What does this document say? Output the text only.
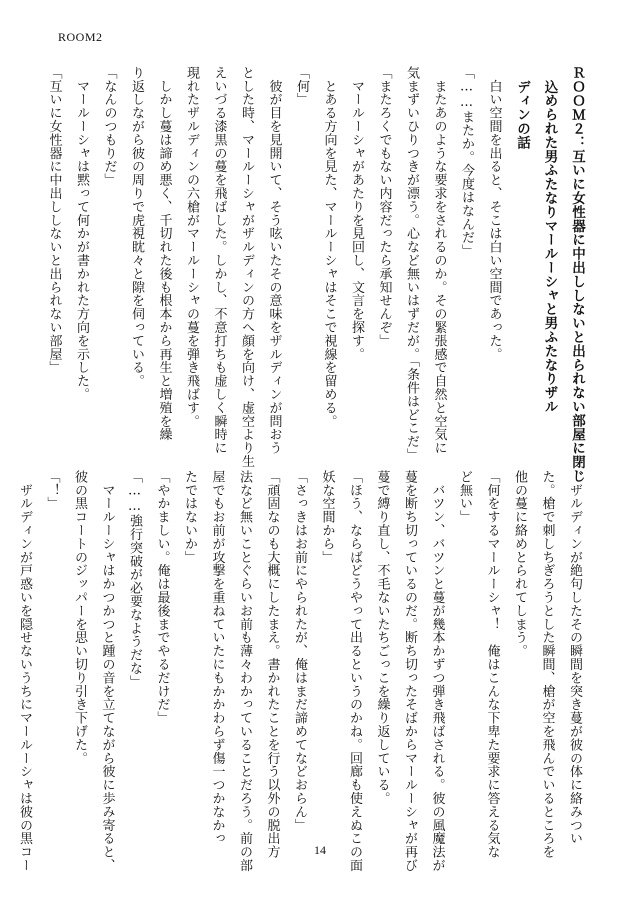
ROOM2

ＲＯＯＭ２：互いに女性器に中出ししないと出られない部屋に閉じ

　込められた男ふたなりマールーシャと男ふたなりザル

　ディンの話

　白い空間を出ると、そこは白い空間であった。

「……またか。今度はなんだ」

　またあのような要求をされるのか。その緊張感で自然と空気に

気まずいひりつきが漂う。心など無いはずだが。「条件はどこだ」

「またろくでもない内容だったら承知せんぞ」

　マールーシャがあたりを見回し、文言を探す。

　とある方向を見た、マールーシャはそこで視線を留める。

「何」

　彼が目を見開いて、そう呟いたその意味をザルディンが問おう

とした時、マールーシャがザルディンの方へ顔を向け、虚空より生

えいづる漆黒の蔓を飛ばした。しかし、不意打ちも虚しく瞬時に

現れたザルディンの六槍がマールーシャの蔓を弾き飛ばす。

　しかし蔓は諦め悪く、千切れた後も根本から再生と増殖を繰

り返しながら彼の周りで虎視眈々と隙を伺っている。

「なんのつもりだ」

　マールーシャは黙って何かが書かれた方向を示した。

「互いに女性器に中出ししないと出られない部屋」

　ザルディンが絶句したその瞬間を突き蔓が彼の体に絡みつい

た。槍で刺しちぎろうとした瞬間、槍が空を飛んでいるところを

他の蔓に絡めとられてしまう。

「何をするマールーシャ！　俺はこんな下卑た要求に答える気な

ど無い」

　バツン、バツンと蔓が幾本かずつ弾き飛ばされる。彼の風魔法が

蔓を断ち切っているのだ。断ち切ったそばからマールーシャが再び

蔓で縛り直し、不毛ないたちごっこを繰り返している。

「ほう、ならばどうやって出るというのかね。回廊も使えぬこの面

妖な空間から」

「さっきはお前にやられたが、俺はまだ諦めてなどおらん」

「頑固なのも大概にしたまえ。書かれたことを行う以外の脱出方

法など無いことぐらいお前も薄々わかっていることだろう。前の部

屋でもお前が攻撃を重ねていたにもかかわらず傷一つかなかっ

たではないか」

「やかましい。俺は最後までやるだけだ」

「……強行突破が必要なようだな」

　マールーシャはかつかつと踵の音を立てながら彼に歩み寄ると、

彼の黒コートのジッパーを思い切り引き下げた。

「！」

　ザルディンが戸惑いを隠せないうちにマールーシャは彼の黒コー	14
